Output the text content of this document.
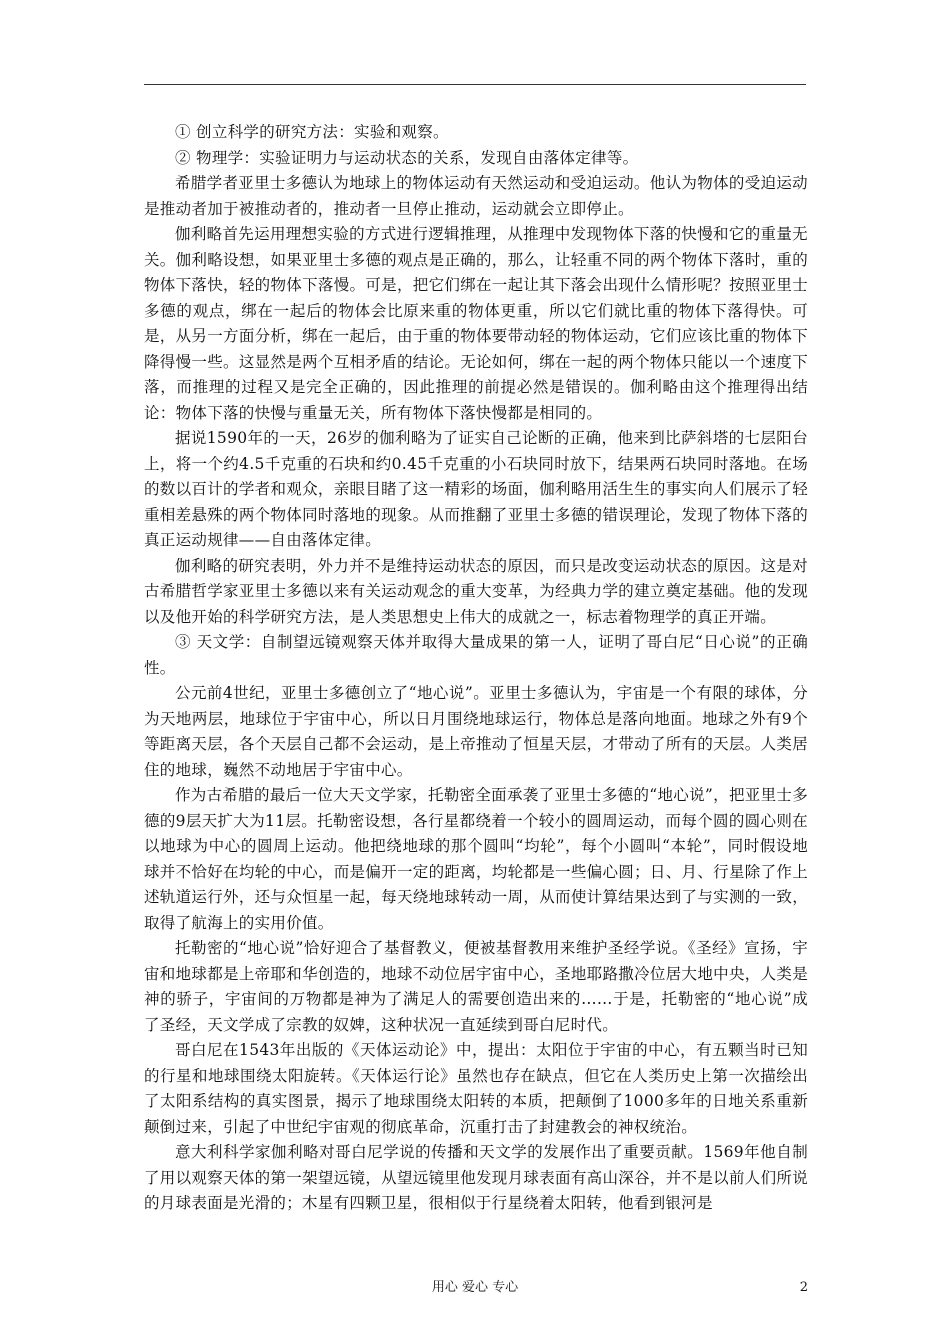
① 创立科学的研究方法：实验和观察。

② 物理学：实验证明力与运动状态的关系，发现自由落体定律等。

希腊学者亚里士多德认为地球上的物体运动有天然运动和受迫运动。他认为物体的受迫运动是推动者加于被推动者的，推动者一旦停止推动，运动就会立即停止。

伽利略首先运用理想实验的方式进行逻辑推理，从推理中发现物体下落的快慢和它的重量无关。伽利略设想，如果亚里士多德的观点是正确的，那么，让轻重不同的两个物体下落时，重的物体下落快，轻的物体下落慢。可是，把它们绑在一起让其下落会出现什么情形呢？按照亚里士多德的观点，绑在一起后的物体会比原来重的物体更重，所以它们就比重的物体下落得快。可是，从另一方面分析，绑在一起后，由于重的物体要带动轻的物体运动，它们应该比重的物体下降得慢一些。这显然是两个互相矛盾的结论。无论如何，绑在一起的两个物体只能以一个速度下落，而推理的过程又是完全正确的，因此推理的前提必然是错误的。伽利略由这个推理得出结论：物体下落的快慢与重量无关，所有物体下落快慢都是相同的。

据说1590年的一天，26岁的伽利略为了证实自己论断的正确，他来到比萨斜塔的七层阳台上，将一个约4.5千克重的石块和约0.45千克重的小石块同时放下，结果两石块同时落地。在场的数以百计的学者和观众，亲眼目睹了这一精彩的场面，伽利略用活生生的事实向人们展示了轻重相差悬殊的两个物体同时落地的现象。从而推翻了亚里士多德的错误理论，发现了物体下落的真正运动规律——自由落体定律。

伽利略的研究表明，外力并不是维持运动状态的原因，而只是改变运动状态的原因。这是对古希腊哲学家亚里士多德以来有关运动观念的重大变革，为经典力学的建立奠定基础。他的发现以及他开始的科学研究方法，是人类思想史上伟大的成就之一，标志着物理学的真正开端。

③ 天文学：自制望远镜观察天体并取得大量成果的第一人，证明了哥白尼“日心说”的正确性。

公元前4世纪，亚里士多德创立了“地心说”。亚里士多德认为，宇宙是一个有限的球体，分为天地两层，地球位于宇宙中心，所以日月围绕地球运行，物体总是落向地面。地球之外有9个等距离天层，各个天层自己都不会运动，是上帝推动了恒星天层，才带动了所有的天层。人类居住的地球，巍然不动地居于宇宙中心。

作为古希腊的最后一位大天文学家，托勒密全面承袭了亚里士多德的“地心说”，把亚里士多德的9层天扩大为11层。托勒密设想，各行星都绕着一个较小的圆周运动，而每个圆的圆心则在以地球为中心的圆周上运动。他把绕地球的那个圆叫“均轮”，每个小圆叫“本轮”，同时假设地球并不恰好在均轮的中心，而是偏开一定的距离，均轮都是一些偏心圆；日、月、行星除了作上述轨道运行外，还与众恒星一起，每天绕地球转动一周，从而使计算结果达到了与实测的一致，取得了航海上的实用价值。

托勒密的“地心说”恰好迎合了基督教义，便被基督教用来维护圣经学说。《圣经》宣扬，宇宙和地球都是上帝耶和华创造的，地球不动位居宇宙中心，圣地耶路撒冷位居大地中央，人类是神的骄子，宇宙间的万物都是神为了满足人的需要创造出来的……于是，托勒密的“地心说”成了圣经，天文学成了宗教的奴婢，这种状况一直延续到哥白尼时代。

哥白尼在1543年出版的《天体运动论》中，提出：太阳位于宇宙的中心，有五颗当时已知的行星和地球围绕太阳旋转。《天体运行论》虽然也存在缺点，但它在人类历史上第一次描绘出了太阳系结构的真实图景，揭示了地球围绕太阳转的本质，把颠倒了1000多年的日地关系重新颠倒过来，引起了中世纪宇宙观的彻底革命，沉重打击了封建教会的神权统治。

意大利科学家伽利略对哥白尼学说的传播和天文学的发展作出了重要贡献。1569年他自制了用以观察天体的第一架望远镜，从望远镜里他发现月球表面有高山深谷，并不是以前人们所说的月球表面是光滑的；木星有四颗卫星，很相似于行星绕着太阳转，他看到银河是

用心 爱心 专心	2
